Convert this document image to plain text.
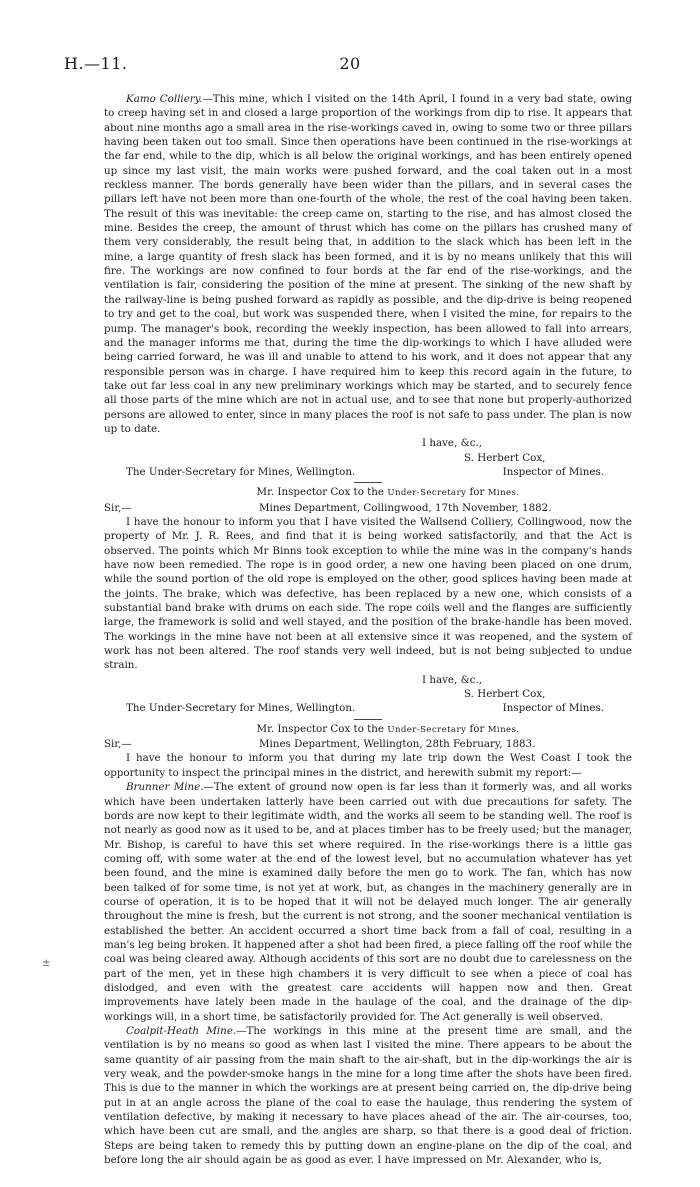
H.—11.	20

Kamo Colliery.—This mine, which I visited on the 14th April, I found in a very bad state, owing to creep having set in and closed a large proportion of the workings from dip to rise. It appears that about nine months ago a small area in the rise-workings caved in, owing to some two or three pillars having been taken out too small. Since then operations have been continued in the rise-workings at the far end, while to the dip, which is all below the original workings, and has been entirely opened up since my last visit, the main works were pushed forward, and the coal taken out in a most reckless manner. The bords generally have been wider than the pillars, and in several cases the pillars left have not been more than one-fourth of the whole, the rest of the coal having been taken. The result of this was inevitable: the creep came on, starting to the rise, and has almost closed the mine. Besides the creep, the amount of thrust which has come on the pillars has crushed many of them very considerably, the result being that, in addition to the slack which has been left in the mine, a large quantity of fresh slack has been formed, and it is by no means unlikely that this will fire. The workings are now confined to four bords at the far end of the rise-workings, and the ventilation is fair, considering the position of the mine at present. The sinking of the new shaft by the railway-line is being pushed forward as rapidly as possible, and the dip-drive is being reopened to try and get to the coal, but work was suspended there, when I visited the mine, for repairs to the pump. The manager's book, recording the weekly inspection, has been allowed to fall into arrears, and the manager informs me that, during the time the dip-workings to which I have alluded were being carried forward, he was ill and unable to attend to his work, and it does not appear that any responsible person was in charge. I have required him to keep this record again in the future, to take out far less coal in any new preliminary workings which may be started, and to securely fence all those parts of the mine which are not in actual use, and to see that none but properly-authorized persons are allowed to enter, since in many places the roof is not safe to pass under. The plan is now up to date.

I have, &c.,
S. Herbert Cox,
The Under-Secretary for Mines, Wellington.	Inspector of Mines.
Mr. Inspector Cox to the Under-Secretary for Mines.
Sir,—	Mines Department, Collingwood, 17th November, 1882.

I have the honour to inform you that I have visited the Wallsend Colliery, Collingwood, now the property of Mr. J. R. Rees, and find that it is being worked satisfactorily, and that the Act is observed. The points which Mr Binns took exception to while the mine was in the company's hands have now been remedied. The rope is in good order, a new one having been placed on one drum, while the sound portion of the old rope is employed on the other, good splices having been made at the joints. The brake, which was defective, has been replaced by a new one, which consists of a substantial band brake with drums on each side. The rope coils well and the flanges are sufficiently large, the framework is solid and well stayed, and the position of the brake-handle has been moved. The workings in the mine have not been at all extensive since it was reopened, and the system of work has not been altered. The roof stands very well indeed, but is not being subjected to undue strain.

I have, &c.,
S. Herbert Cox,
The Under-Secretary for Mines, Wellington.	Inspector of Mines.
Mr. Inspector Cox to the Under-Secretary for Mines.
Sir,—	Mines Department, Wellington, 28th February, 1883.

I have the honour to inform you that during my late trip down the West Coast I took the opportunity to inspect the principal mines in the district, and herewith submit my report:—

Brunner Mine.—The extent of ground now open is far less than it formerly was, and all works which have been undertaken latterly have been carried out with due precautions for safety. The bords are now kept to their legitimate width, and the works all seem to be standing well. The roof is not nearly as good now as it used to be, and at places timber has to be freely used; but the manager, Mr. Bishop, is careful to have this set where required. In the rise-workings there is a little gas coming off, with some water at the end of the lowest level, but no accumulation whatever has yet been found, and the mine is examined daily before the men go to work. The fan, which has now been talked of for some time, is not yet at work, but, as changes in the machinery generally are in course of operation, it is to be hoped that it will not be delayed much longer. The air generally throughout the mine is fresh, but the current is not strong, and the sooner mechanical ventilation is established the better. An accident occurred a short time back from a fall of coal, resulting in a man's leg being broken. It happened after a shot had been fired, a piece falling off the roof while the coal was being cleared away. Although accidents of this sort are no doubt due to carelessness on the part of the men, yet in these high chambers it is very difficult to see when a piece of coal has dislodged, and even with the greatest care accidents will happen now and then. Great improvements have lately been made in the haulage of the coal, and the drainage of the dip-workings will, in a short time, be satisfactorily provided for. The Act generally is well observed.

Coalpit-Heath Mine.—The workings in this mine at the present time are small, and the ventilation is by no means so good as when last I visited the mine. There appears to be about the same quantity of air passing from the main shaft to the air-shaft, but in the dip-workings the air is very weak, and the powder-smoke hangs in the mine for a long time after the shots have been fired. This is due to the manner in which the workings are at present being carried on, the dip-drive being put in at an angle across the plane of the coal to ease the haulage, thus rendering the system of ventilation defective, by making it necessary to have places ahead of the air. The air-courses, too, which have been cut are small, and the angles are sharp, so that there is a good deal of friction. Steps are being taken to remedy this by putting down an engine-plane on the dip of the coal, and before long the air should again be as good as ever. I have impressed on Mr. Alexander, who is,

±
